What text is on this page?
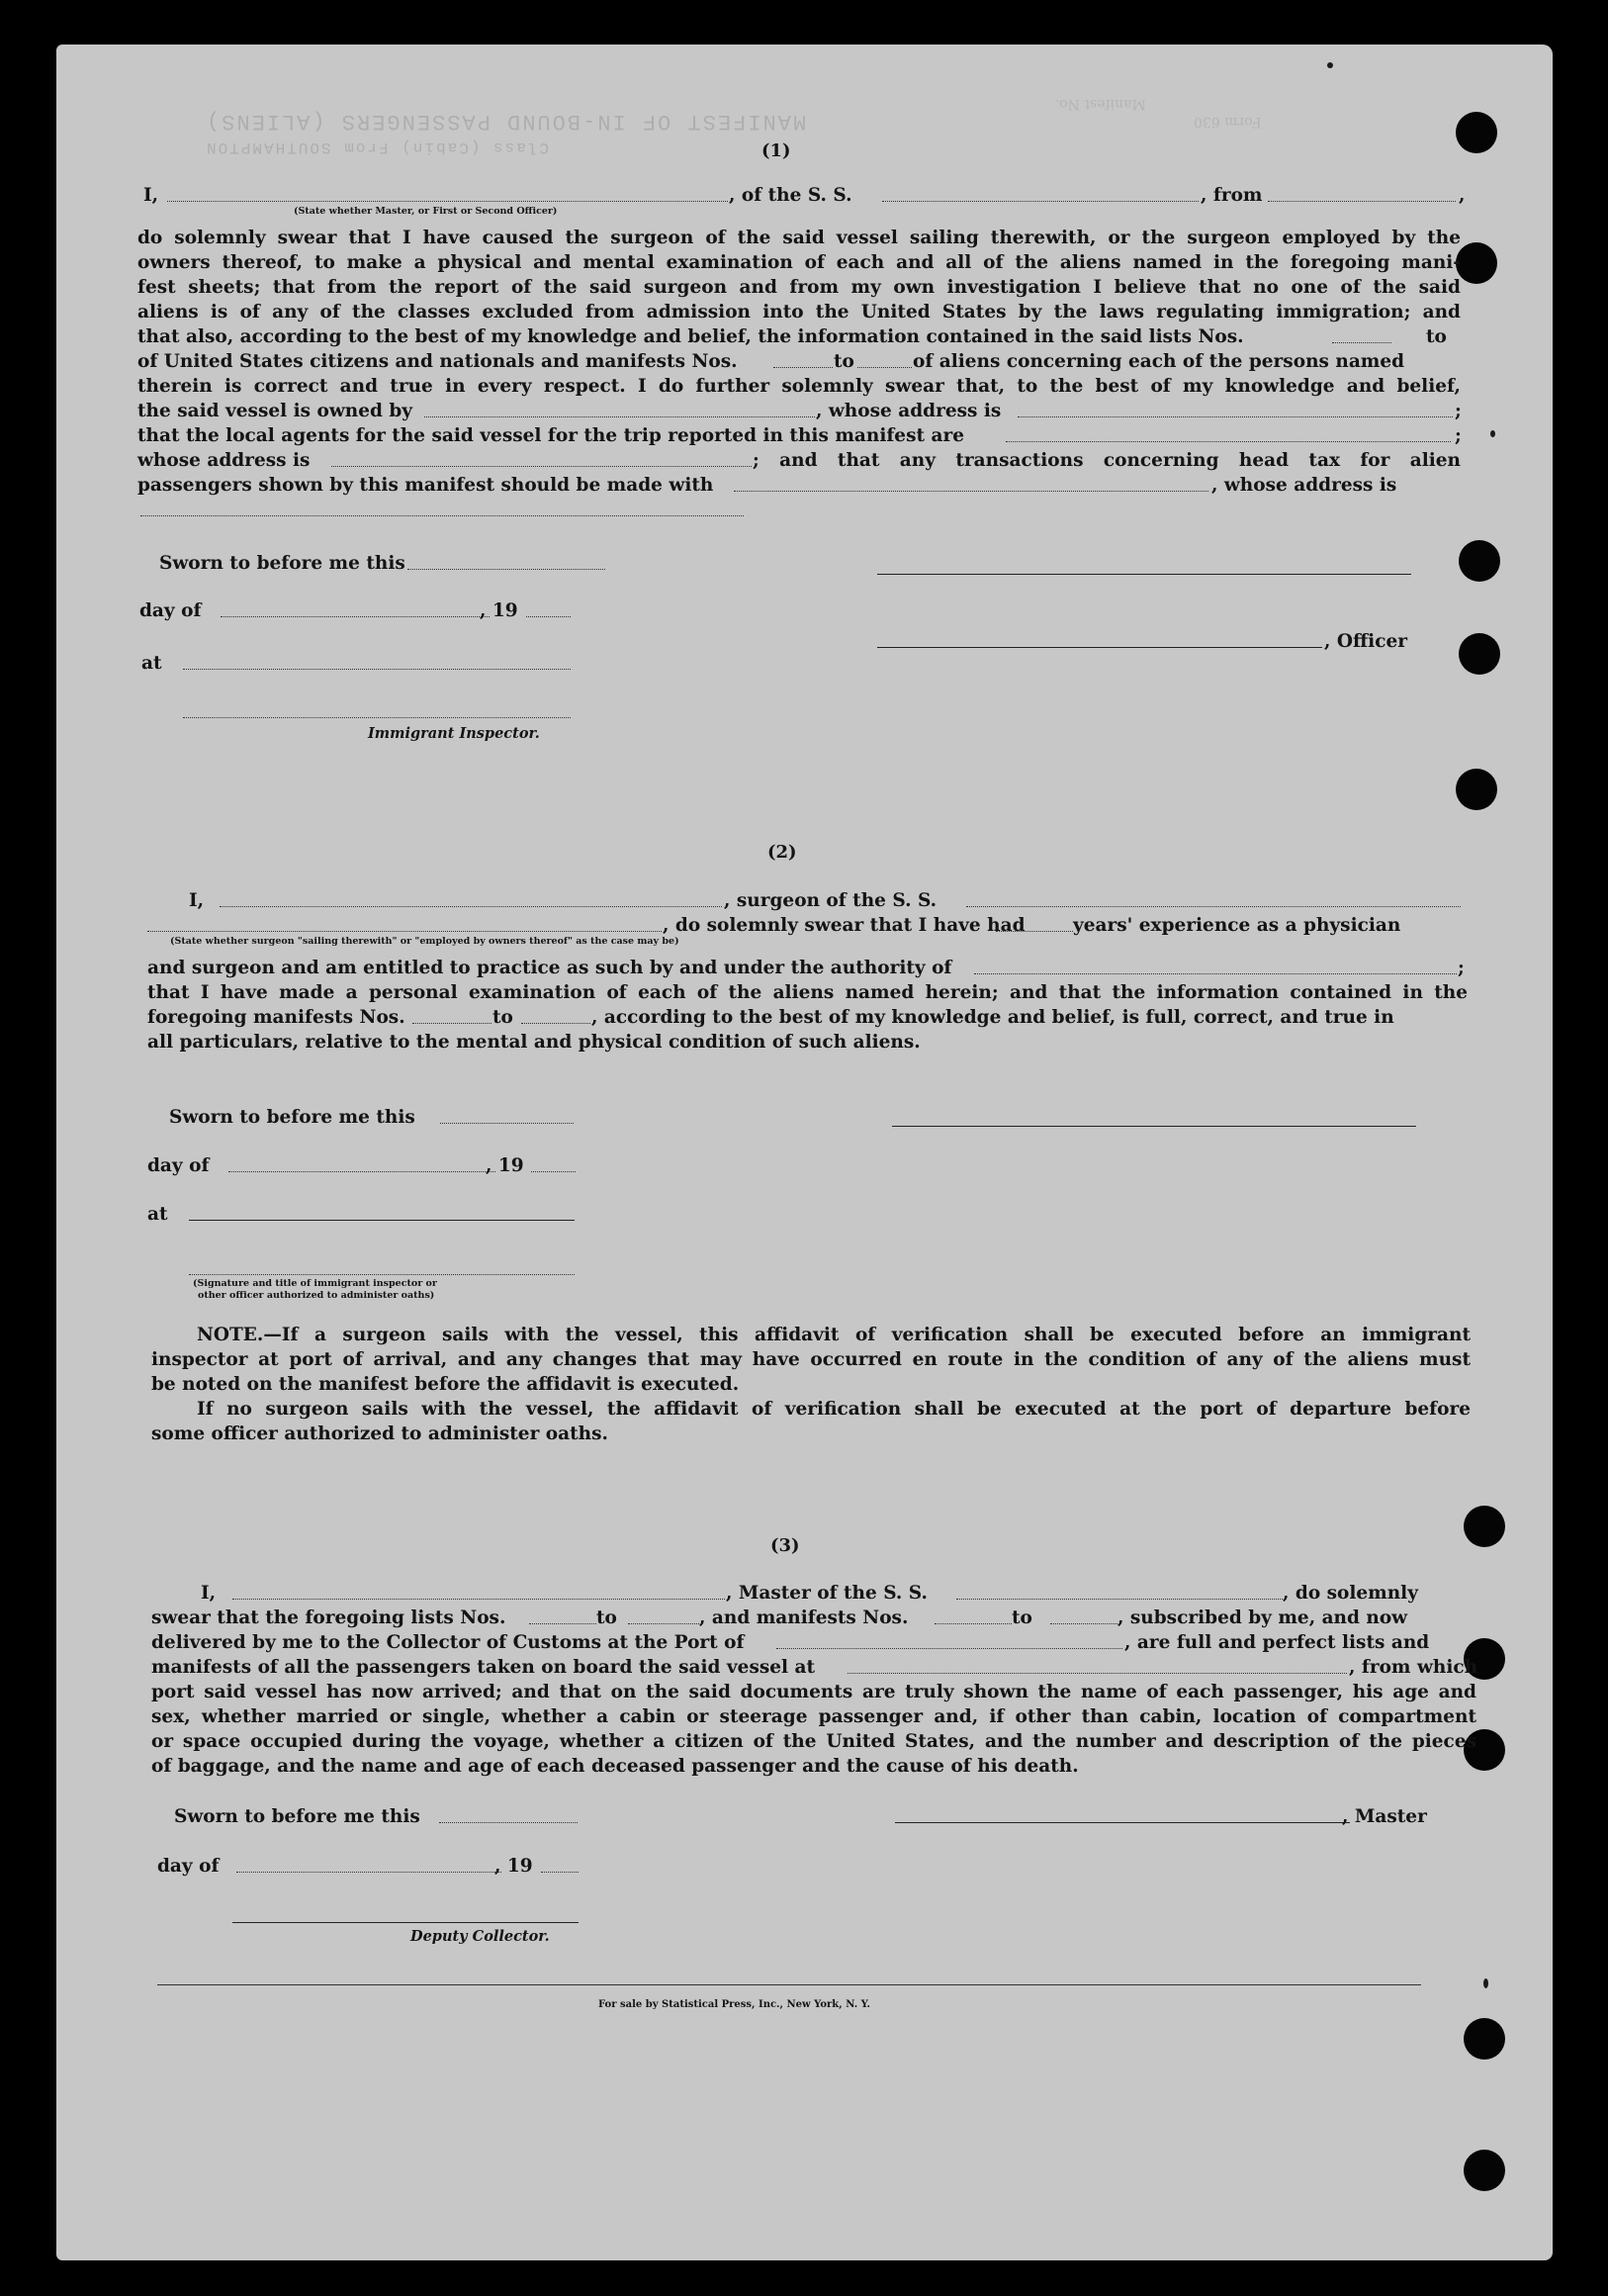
MANIFEST OF IN-BOUND PASSENGERS (ALIENS)
Class (Cabin) From SOUTHAMPTON
Manifest No.
Form 630
(1)
I,	, of the S. S.	, from	,
(State whether Master, or First or Second Officer)
do solemnly swear that I have caused the surgeon of the said vessel sailing therewith, or the surgeon employed by the
owners thereof, to make a physical and mental examination of each and all of the aliens named in the foregoing mani-
fest sheets; that from the report of the said surgeon and from my own investigation I believe that no one of the said
aliens is of any of the classes excluded from admission into the United States by the laws regulating immigration; and
that also, according to the best of my knowledge and belief, the information contained in the said lists Nos.	to
of United States citizens and nationals and manifests Nos.	to	of aliens concerning each of the persons named
therein is correct and true in every respect. I do further solemnly swear that, to the best of my knowledge and belief,
the said vessel is owned by	, whose address is	;
that the local agents for the said vessel for the trip reported in this manifest are	;
whose address is	; and that any transactions concerning head tax for alien
passengers shown by this manifest should be made with	, whose address is
Sworn to before me this
day of	, 19
, Officer
at
Immigrant Inspector.
(2)
I,	, surgeon of the S. S.
, do solemnly swear that I have had	years' experience as a physician
(State whether surgeon "sailing therewith" or "employed by owners thereof" as the case may be)
and surgeon and am entitled to practice as such by and under the authority of	;
that I have made a personal examination of each of the aliens named herein; and that the information contained in the
foregoing manifests Nos.	to	, according to the best of my knowledge and belief, is full, correct, and true in
all particulars, relative to the mental and physical condition of such aliens.
Sworn to before me this
day of	, 19
at
(Signature and title of immigrant inspector or
other officer authorized to administer oaths)
NOTE.—If a surgeon sails with the vessel, this affidavit of verification shall be executed before an immigrant
inspector at port of arrival, and any changes that may have occurred en route in the condition of any of the aliens must
be noted on the manifest before the affidavit is executed.
If no surgeon sails with the vessel, the affidavit of verification shall be executed at the port of departure before
some officer authorized to administer oaths.
(3)
I,	, Master of the S. S.	, do solemnly
swear that the foregoing lists Nos.	to	, and manifests Nos.	to	, subscribed by me, and now
delivered by me to the Collector of Customs at the Port of	, are full and perfect lists and
manifests of all the passengers taken on board the said vessel at	, from which
port said vessel has now arrived; and that on the said documents are truly shown the name of each passenger, his age and
sex, whether married or single, whether a cabin or steerage passenger and, if other than cabin, location of compartment
or space occupied during the voyage, whether a citizen of the United States, and the number and description of the pieces
of baggage, and the name and age of each deceased passenger and the cause of his death.
Sworn to before me this	, Master
day of	, 19
Deputy Collector.
For sale by Statistical Press, Inc., New York, N. Y.
